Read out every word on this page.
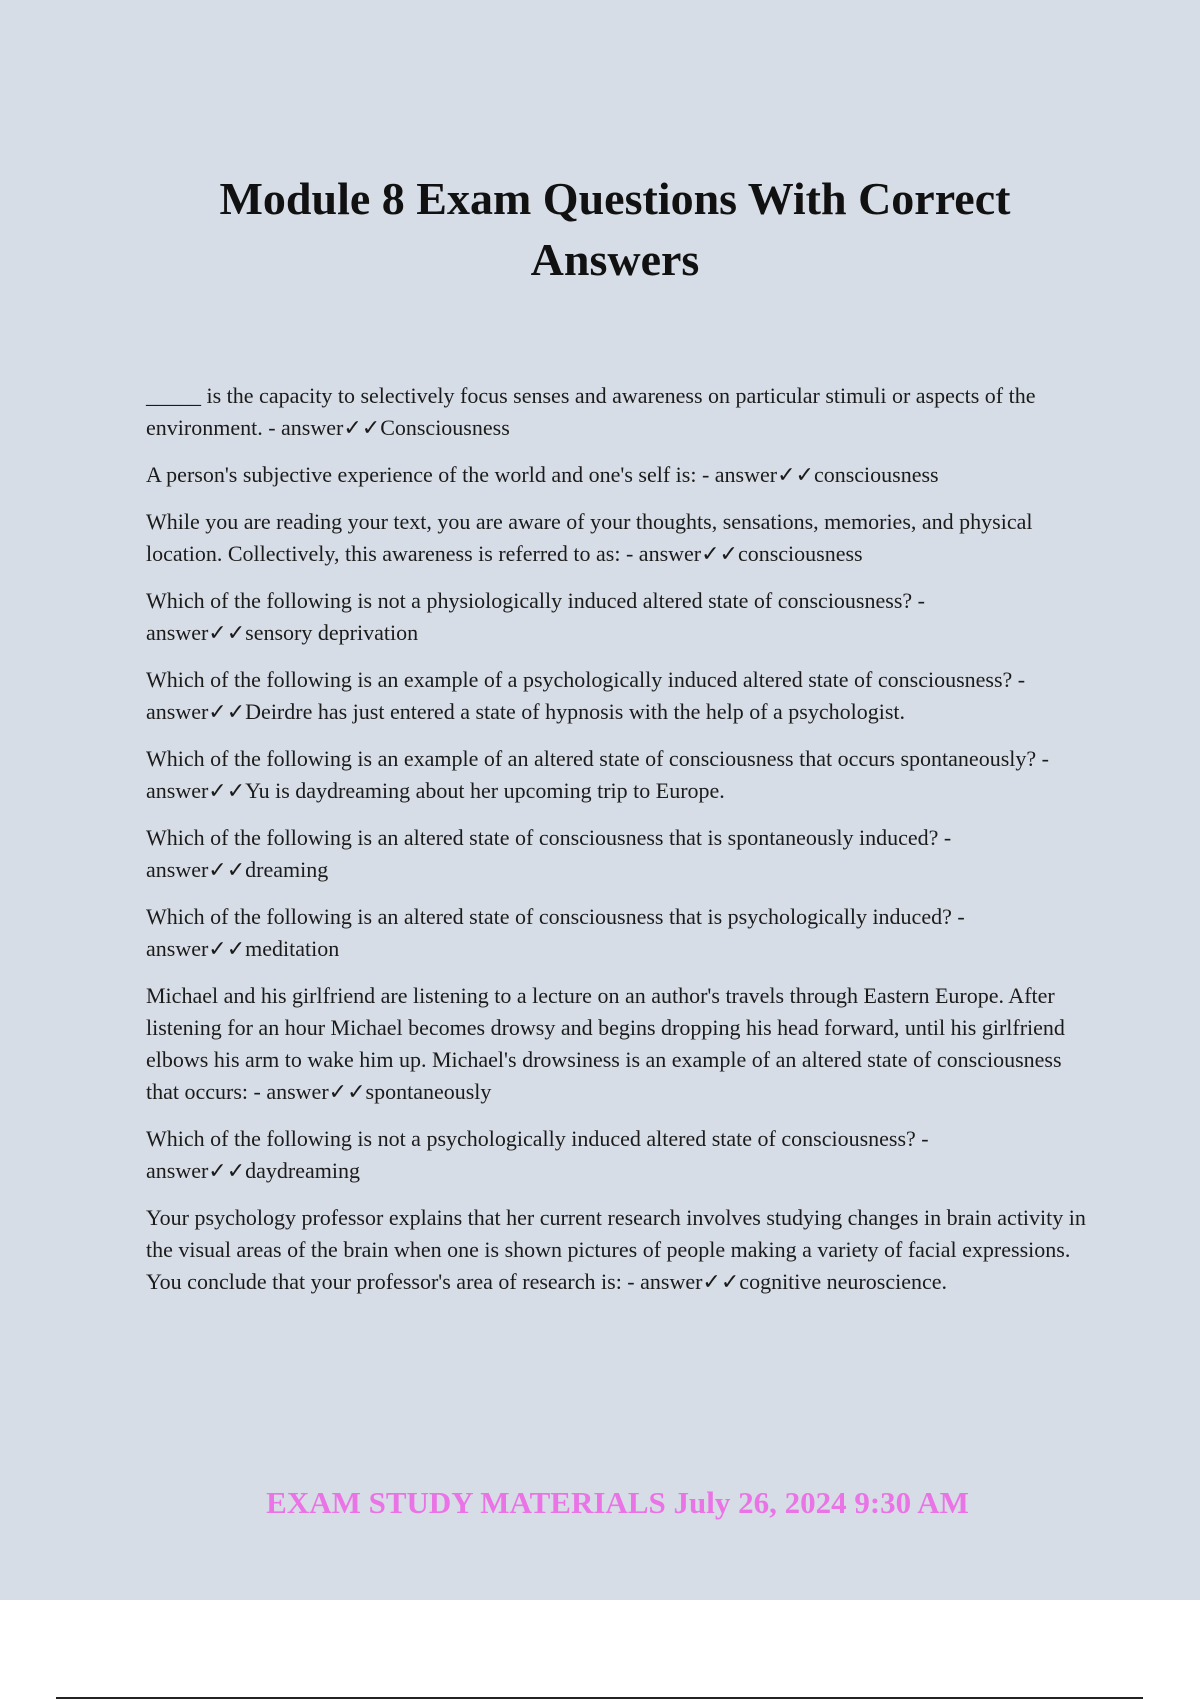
Module 8 Exam Questions With Correct Answers

_____ is the capacity to selectively focus senses and awareness on particular stimuli or aspects of the environment. - answer✓✓Consciousness

A person's subjective experience of the world and one's self is: - answer✓✓consciousness

While you are reading your text, you are aware of your thoughts, sensations, memories, and physical location. Collectively, this awareness is referred to as: - answer✓✓consciousness

Which of the following is not a physiologically induced altered state of consciousness? - answer✓✓sensory deprivation

Which of the following is an example of a psychologically induced altered state of consciousness? - answer✓✓Deirdre has just entered a state of hypnosis with the help of a psychologist.

Which of the following is an example of an altered state of consciousness that occurs spontaneously? - answer✓✓Yu is daydreaming about her upcoming trip to Europe.

Which of the following is an altered state of consciousness that is spontaneously induced? - answer✓✓dreaming

Which of the following is an altered state of consciousness that is psychologically induced? - answer✓✓meditation

Michael and his girlfriend are listening to a lecture on an author's travels through Eastern Europe. After listening for an hour Michael becomes drowsy and begins dropping his head forward, until his girlfriend elbows his arm to wake him up. Michael's drowsiness is an example of an altered state of consciousness that occurs: - answer✓✓spontaneously

Which of the following is not a psychologically induced altered state of consciousness? - answer✓✓daydreaming

Your psychology professor explains that her current research involves studying changes in brain activity in the visual areas of the brain when one is shown pictures of people making a variety of facial expressions. You conclude that your professor's area of research is: - answer✓✓cognitive neuroscience.

EXAM STUDY MATERIALS July 26, 2024 9:30 AM
